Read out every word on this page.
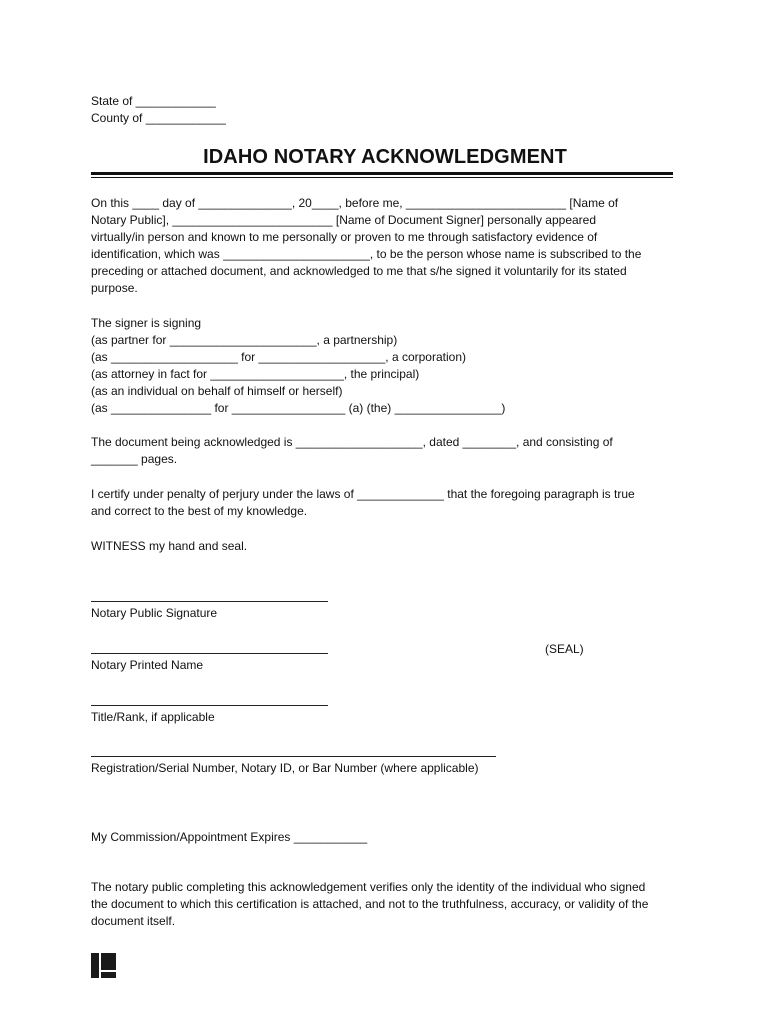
State of ____________
County of ____________
IDAHO NOTARY ACKNOWLEDGMENT
On this ____ day of ______________, 20____, before me, ________________________ [Name of
Notary Public], ________________________ [Name of Document Signer] personally appeared
virtually/in person and known to me personally or proven to me through satisfactory evidence of
identification, which was ______________________, to be the person whose name is subscribed to the
preceding or attached document, and acknowledged to me that s/he signed it voluntarily for its stated
purpose.
The signer is signing
(as partner for ______________________, a partnership)
(as ___________________ for ___________________, a corporation)
(as attorney in fact for ____________________, the principal)
(as an individual on behalf of himself or herself)
(as _______________ for _________________ (a) (the) ________________)
The document being acknowledged is ___________________, dated ________, and consisting of
_______ pages.
I certify under penalty of perjury under the laws of _____________ that the foregoing paragraph is true
and correct to the best of my knowledge.
WITNESS my hand and seal.
Notary Public Signature
Notary Printed Name
(SEAL)
Title/Rank, if applicable
Registration/Serial Number, Notary ID, or Bar Number (where applicable)
My Commission/Appointment Expires ___________
The notary public completing this acknowledgement verifies only the identity of the individual who signed
the document to which this certification is attached, and not to the truthfulness, accuracy, or validity of the
document itself.
